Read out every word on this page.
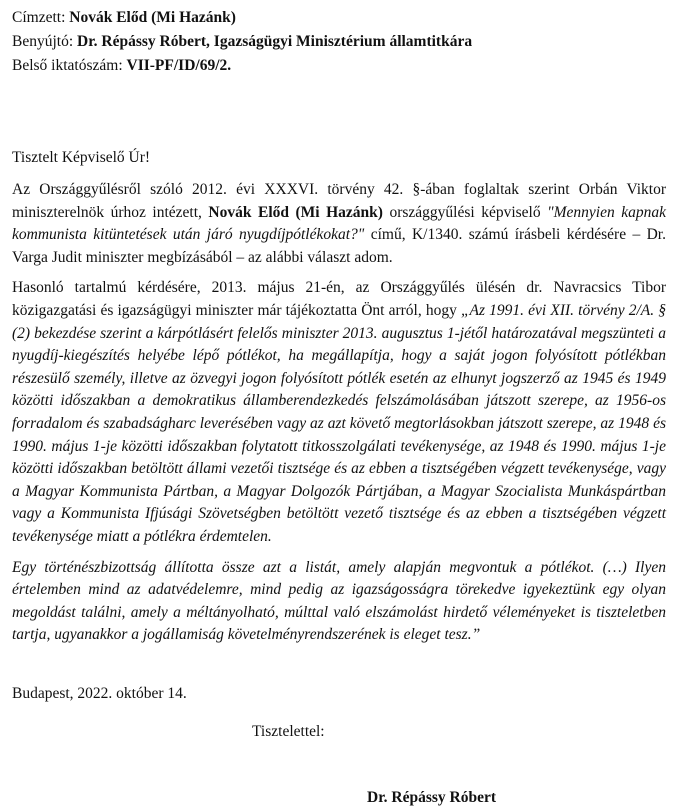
Címzett: Novák Előd (Mi Hazánk)

Benyújtó: Dr. Répássy Róbert, Igazságügyi Minisztérium államtitkára

Belső iktatószám: VII-PF/ID/69/2.

Tisztelt Képviselő Úr!

Az Országgyűlésről szóló 2012. évi XXXVI. törvény 42. §-ában foglaltak szerint Orbán Viktor miniszterelnök úrhoz intézett, Novák Előd (Mi Hazánk) országgyűlési képviselő "Mennyien kapnak kommunista kitüntetések után járó nyugdíjpótlékokat?" című, K/1340. számú írásbeli kérdésére – Dr. Varga Judit miniszter megbízásából – az alábbi választ adom.

Hasonló tartalmú kérdésére, 2013. május 21-én, az Országgyűlés ülésén dr. Navracsics Tibor közigazgatási és igazságügyi miniszter már tájékoztatta Önt arról, hogy „Az 1991. évi XII. törvény 2/A. § (2) bekezdése szerint a kárpótlásért felelős miniszter 2013. augusztus 1-jétől határozatával megszünteti a nyugdíj-kiegészítés helyébe lépő pótlékot, ha megállapítja, hogy a saját jogon folyósított pótlékban részesülő személy, illetve az özvegyi jogon folyósított pótlék esetén az elhunyt jogszerző az 1945 és 1949 közötti időszakban a demokratikus államberendezkedés felszámolásában játszott szerepe, az 1956-os forradalom és szabadságharc leverésében vagy az azt követő megtorlásokban játszott szerepe, az 1948 és 1990. május 1-je közötti időszakban folytatott titkosszolgálati tevékenysége, az 1948 és 1990. május 1-je közötti időszakban betöltött állami vezetői tisztsége és az ebben a tisztségében végzett tevékenysége, vagy a Magyar Kommunista Pártban, a Magyar Dolgozók Pártjában, a Magyar Szocialista Munkáspártban vagy a Kommunista Ifjúsági Szövetségben betöltött vezető tisztsége és az ebben a tisztségében végzett tevékenysége miatt a pótlékra érdemtelen.

Egy történészbizottság állította össze azt a listát, amely alapján megvontuk a pótlékot. (…) Ilyen értelemben mind az adatvédelemre, mind pedig az igazságosságra törekedve igyekeztünk egy olyan megoldást találni, amely a méltányolható, múlttal való elszámolást hirdető véleményeket is tiszteletben tartja, ugyanakkor a jogállamiság követelményrendszerének is eleget tesz.”

Budapest, 2022. október 14.

Tisztelettel:

Dr. Répássy Róbert
